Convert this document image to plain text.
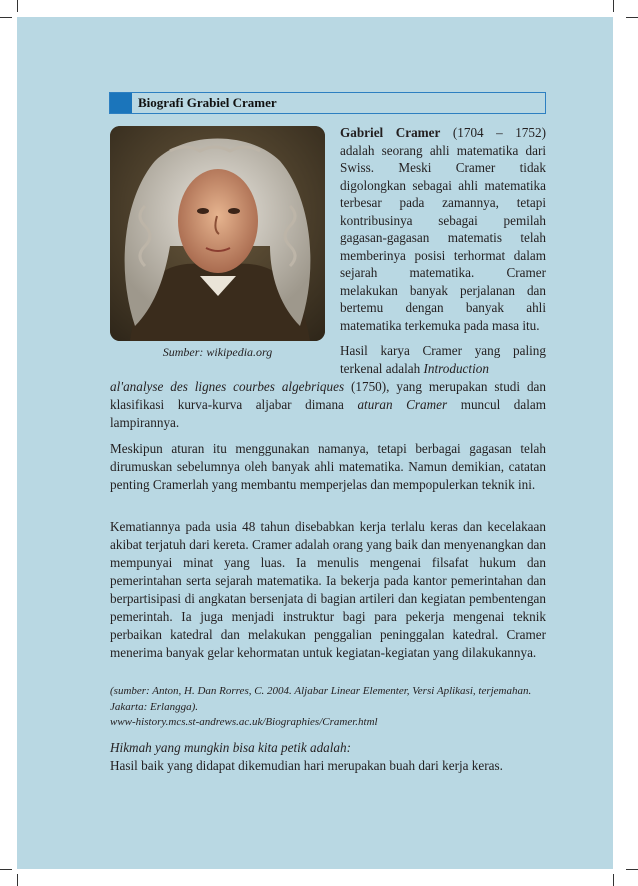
Biografi Grabiel Cramer
Sumber: wikipedia.org

Gabriel Cramer (1704 – 1752) adalah seorang ahli matematika dari Swiss. Meski Cramer tidak digolongkan sebagai ahli matematika terbesar pada zamannya, tetapi kontribusinya sebagai pemilah gagasan-gagasan matematis telah memberinya posisi terhormat dalam sejarah matematika. Cramer melakukan banyak perjalanan dan bertemu dengan banyak ahli matematika terkemuka pada masa itu.

Hasil karya Cramer yang paling terkenal adalah Introduction

al'analyse des lignes courbes algebriques (1750), yang merupakan studi dan klasifikasi kurva-kurva aljabar dimana aturan Cramer muncul dalam lampirannya.

Meskipun aturan itu menggunakan namanya, tetapi berbagai gagasan telah dirumuskan sebelumnya oleh banyak ahli matematika. Namun demikian, catatan penting Cramerlah yang membantu memperjelas dan mempopulerkan teknik ini.

Kematiannya pada usia 48 tahun disebabkan kerja terlalu keras dan kecelakaan akibat terjatuh dari kereta. Cramer adalah orang yang baik dan menyenangkan dan mempunyai minat yang luas. Ia menulis mengenai filsafat hukum dan pemerintahan serta sejarah matematika. Ia bekerja pada kantor pemerintahan dan berpartisipasi di angkatan bersenjata di bagian artileri dan kegiatan pembentengan pemerintah. Ia juga menjadi instruktur bagi para pekerja mengenai teknik perbaikan katedral dan melakukan penggalian peninggalan katedral. Cramer menerima banyak gelar kehormatan untuk kegiatan-kegiatan yang dilakukannya.

(sumber: Anton, H. Dan Rorres, C. 2004. Aljabar Linear Elementer, Versi Aplikasi, terjemahan. Jakarta: Erlangga).
www-history.mcs.st-andrews.ac.uk/Biographies/Cramer.html

Hikmah yang mungkin bisa kita petik adalah:
Hasil baik yang didapat dikemudian hari merupakan buah dari kerja keras.
